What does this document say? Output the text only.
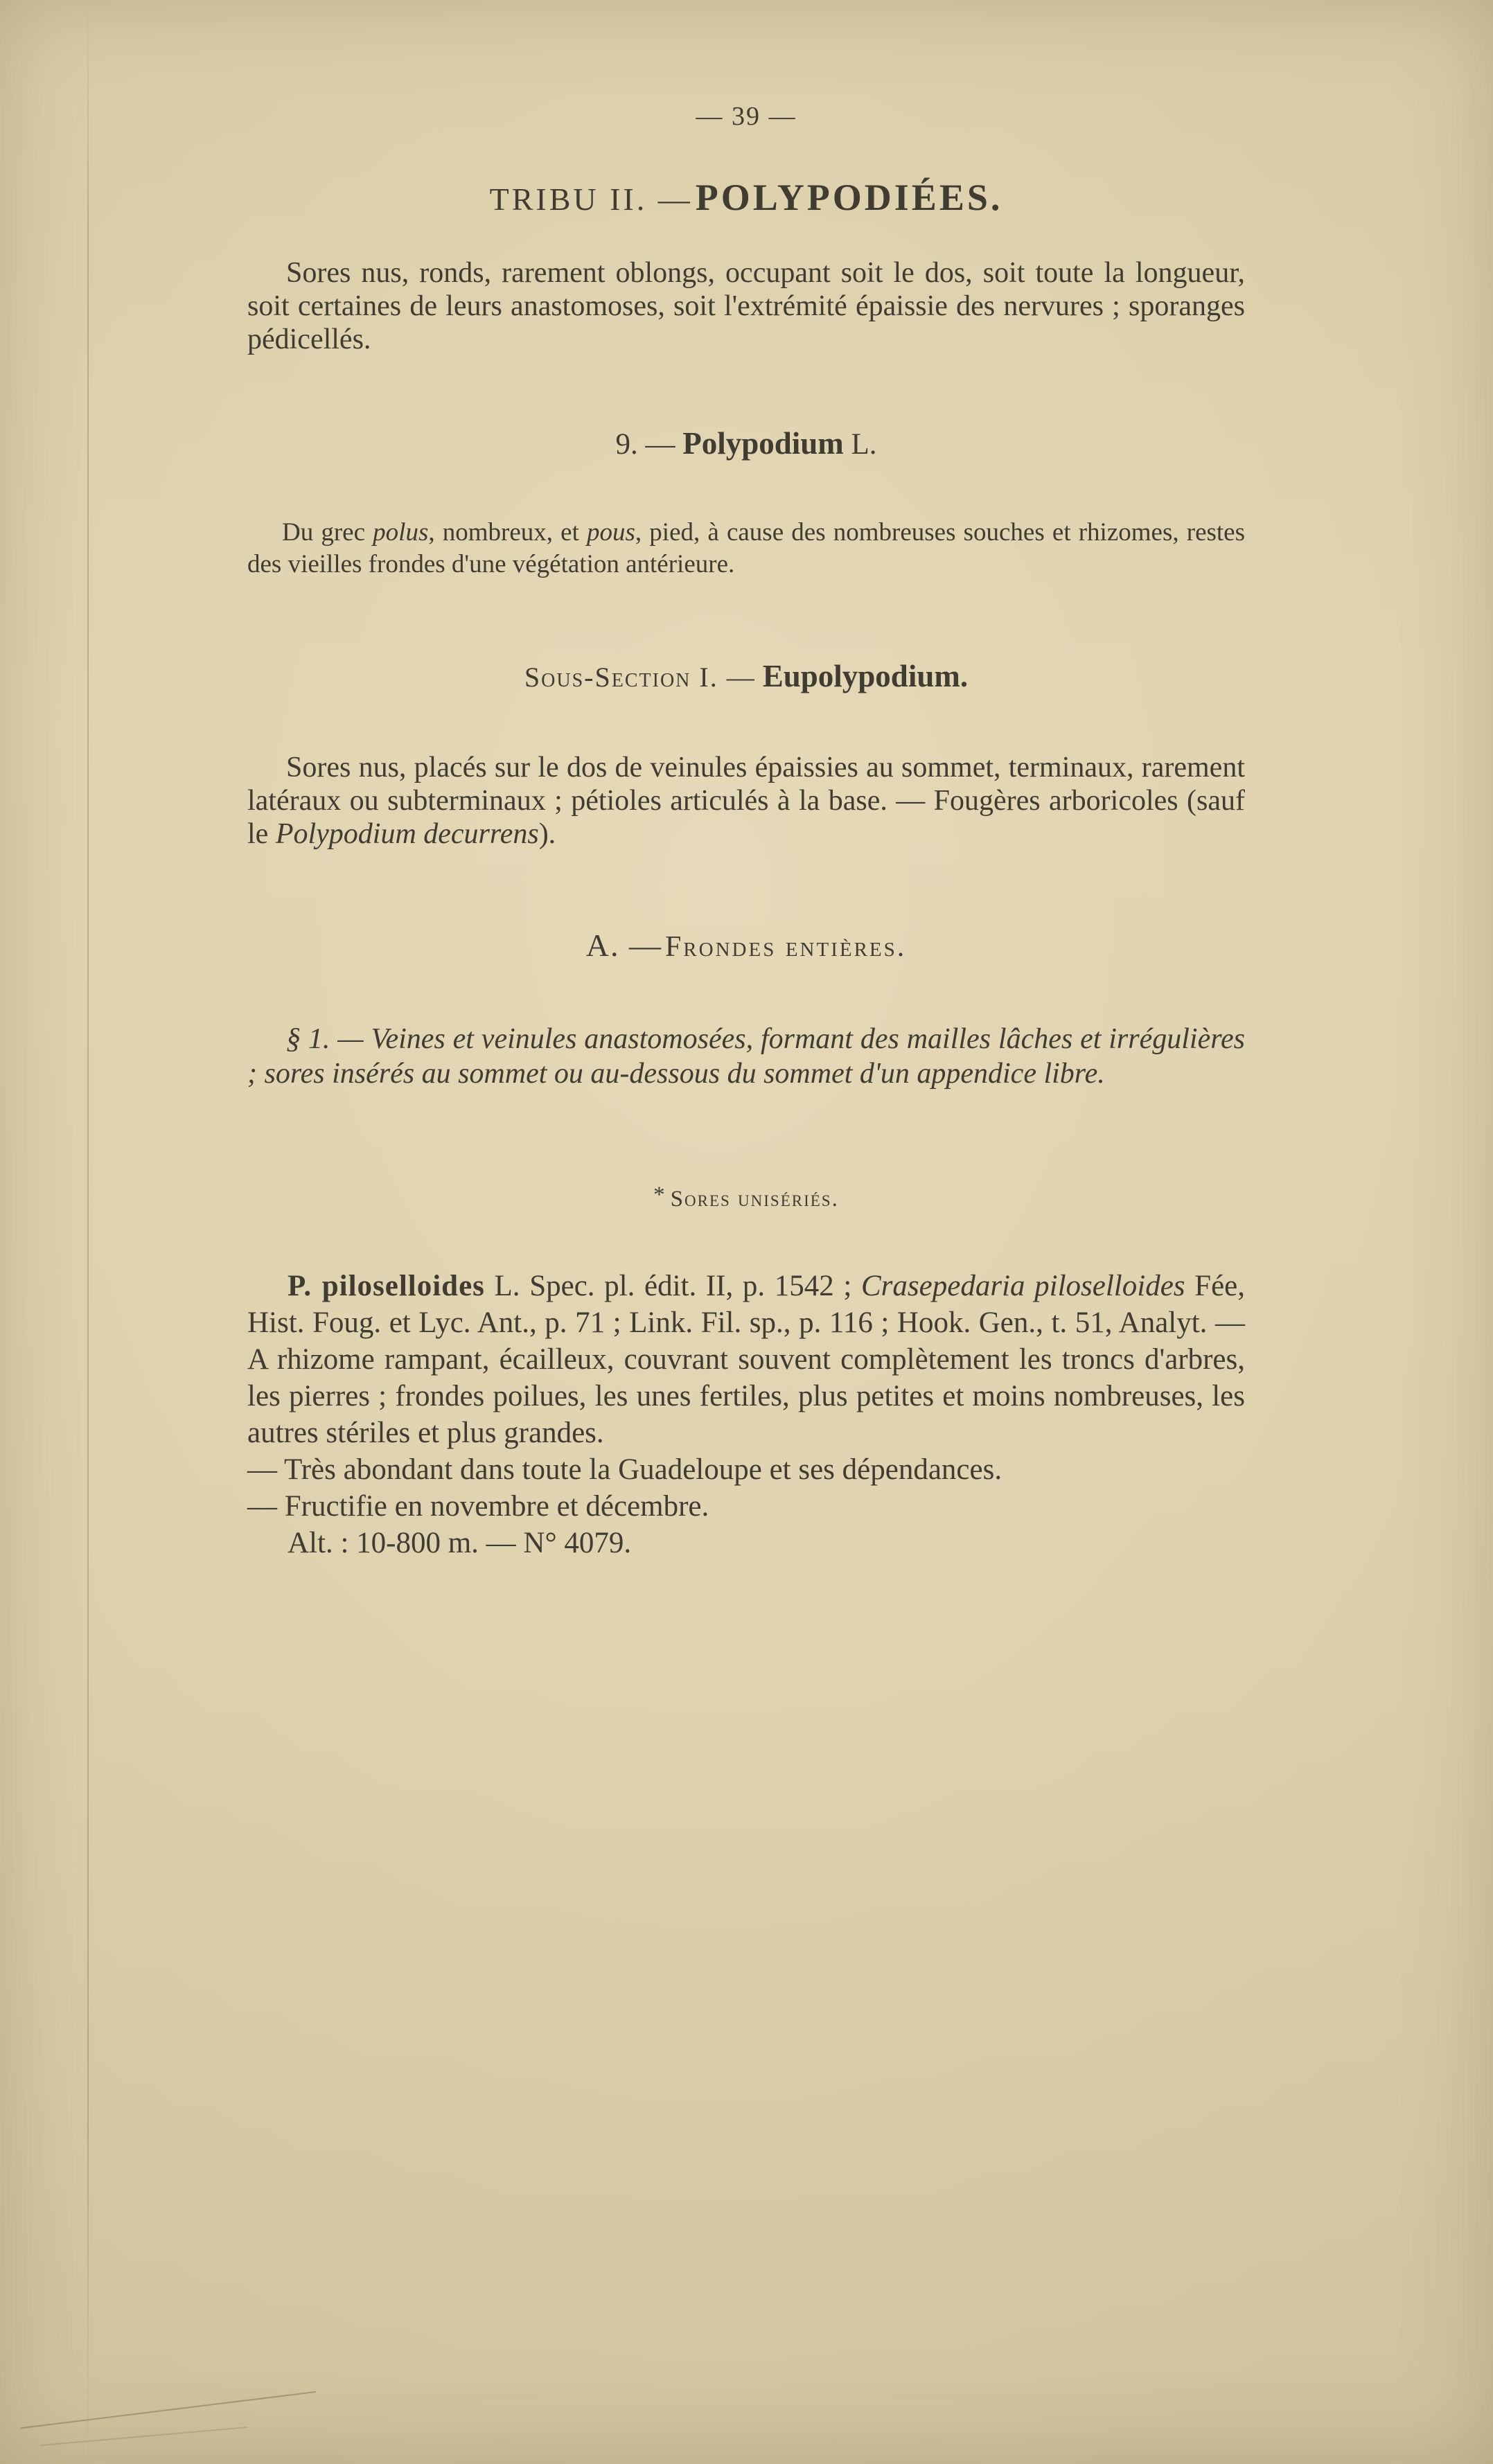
— 39 —
TRIBU II. — POLYPODIÉES.

Sores nus, ronds, rarement oblongs, occupant soit le dos, soit toute la longueur, soit certaines de leurs anastomoses, soit l'extrémité épaissie des nervures ; sporanges pédicellés.

9. — Polypodium L.

Du grec polus, nombreux, et pous, pied, à cause des nombreuses souches et rhizomes, restes des vieilles frondes d'une végétation antérieure.

Sous-Section I. — Eupolypodium.

Sores nus, placés sur le dos de veinules épaissies au sommet, terminaux, rarement latéraux ou subterminaux ; pétioles articulés à la base. — Fougères arboricoles (sauf le Polypodium decurrens).

A. — Frondes entières.

§ 1. — Veines et veinules anastomosées, formant des mailles lâches et irrégulières ; sores insérés au sommet ou au-dessous du sommet d'un appendice libre.

* Sores unisériés.

P. piloselloides L. Spec. pl. édit. II, p. 1542 ; Crasepedaria piloselloides Fée, Hist. Foug. et Lyc. Ant., p. 71 ; Link. Fil. sp., p. 116 ; Hook. Gen., t. 51, Analyt. — A rhizome rampant, écailleux, couvrant souvent complètement les troncs d'arbres, les pierres ; frondes poilues, les unes fertiles, plus petites et moins nombreuses, les autres stériles et plus grandes.

— Très abondant dans toute la Guadeloupe et ses dépendances.

— Fructifie en novembre et décembre.

Alt. : 10-800 m. — N° 4079.
